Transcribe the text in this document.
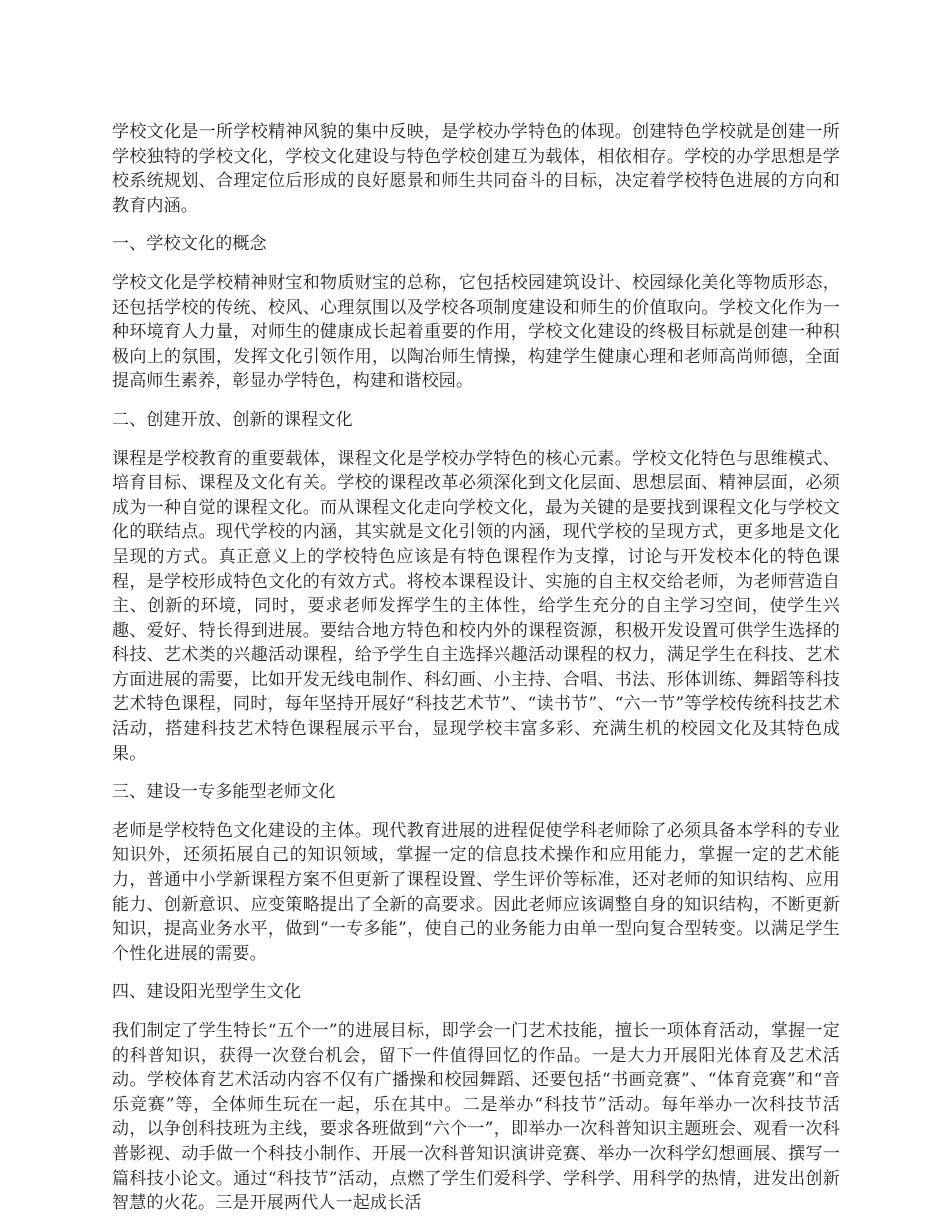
学校文化是一所学校精神风貌的集中反映，是学校办学特色的体现。创建特色学校就是创建一所学校独特的学校文化，学校文化建设与特色学校创建互为载体，相依相存。学校的办学思想是学校系统规划、合理定位后形成的良好愿景和师生共同奋斗的目标，决定着学校特色进展的方向和教育内涵。

一、学校文化的概念

学校文化是学校精神财宝和物质财宝的总称，它包括校园建筑设计、校园绿化美化等物质形态，还包括学校的传统、校风、心理氛围以及学校各项制度建设和师生的价值取向。学校文化作为一种环境育人力量，对师生的健康成长起着重要的作用，学校文化建设的终极目标就是创建一种积极向上的氛围，发挥文化引领作用，以陶冶师生情操，构建学生健康心理和老师高尚师德，全面提高师生素养，彰显办学特色，构建和谐校园。

二、创建开放、创新的课程文化

课程是学校教育的重要载体，课程文化是学校办学特色的核心元素。学校文化特色与思维模式、培育目标、课程及文化有关。学校的课程改革必须深化到文化层面、思想层面、精神层面，必须成为一种自觉的课程文化。而从课程文化走向学校文化，最为关键的是要找到课程文化与学校文化的联结点。现代学校的内涵，其实就是文化引领的内涵，现代学校的呈现方式，更多地是文化呈现的方式。真正意义上的学校特色应该是有特色课程作为支撑，讨论与开发校本化的特色课程，是学校形成特色文化的有效方式。将校本课程设计、实施的自主权交给老师，为老师营造自主、创新的环境，同时，要求老师发挥学生的主体性，给学生充分的自主学习空间，使学生兴趣、爱好、特长得到进展。要结合地方特色和校内外的课程资源，积极开发设置可供学生选择的科技、艺术类的兴趣活动课程，给予学生自主选择兴趣活动课程的权力，满足学生在科技、艺术方面进展的需要，比如开发无线电制作、科幻画、小主持、合唱、书法、形体训练、舞蹈等科技艺术特色课程，同时，每年坚持开展好“科技艺术节”、“读书节”、“六一节”等学校传统科技艺术活动，搭建科技艺术特色课程展示平台，显现学校丰富多彩、充满生机的校园文化及其特色成果。

三、建设一专多能型老师文化

老师是学校特色文化建设的主体。现代教育进展的进程促使学科老师除了必须具备本学科的专业知识外，还须拓展自己的知识领域，掌握一定的信息技术操作和应用能力，掌握一定的艺术能力，普通中小学新课程方案不但更新了课程设置、学生评价等标准，还对老师的知识结构、应用能力、创新意识、应变策略提出了全新的高要求。因此老师应该调整自身的知识结构，不断更新知识，提高业务水平，做到“一专多能”，使自己的业务能力由单一型向复合型转变。以满足学生个性化进展的需要。

四、建设阳光型学生文化

我们制定了学生特长“五个一”的进展目标，即学会一门艺术技能，擅长一项体育活动，掌握一定的科普知识，获得一次登台机会，留下一件值得回忆的作品。一是大力开展阳光体育及艺术活动。学校体育艺术活动内容不仅有广播操和校园舞蹈、还要包括“书画竞赛”、“体育竞赛”和“音乐竞赛”等，全体师生玩在一起，乐在其中。二是举办“科技节”活动。每年举办一次科技节活动，以争创科技班为主线，要求各班做到“六个一”，即举办一次科普知识主题班会、观看一次科普影视、动手做一个科技小制作、开展一次科普知识演讲竞赛、举办一次科学幻想画展、撰写一篇科技小论文。通过“科技节”活动，点燃了学生们爱科学、学科学、用科学的热情，进发出创新智慧的火花。三是开展两代人一起成长活
